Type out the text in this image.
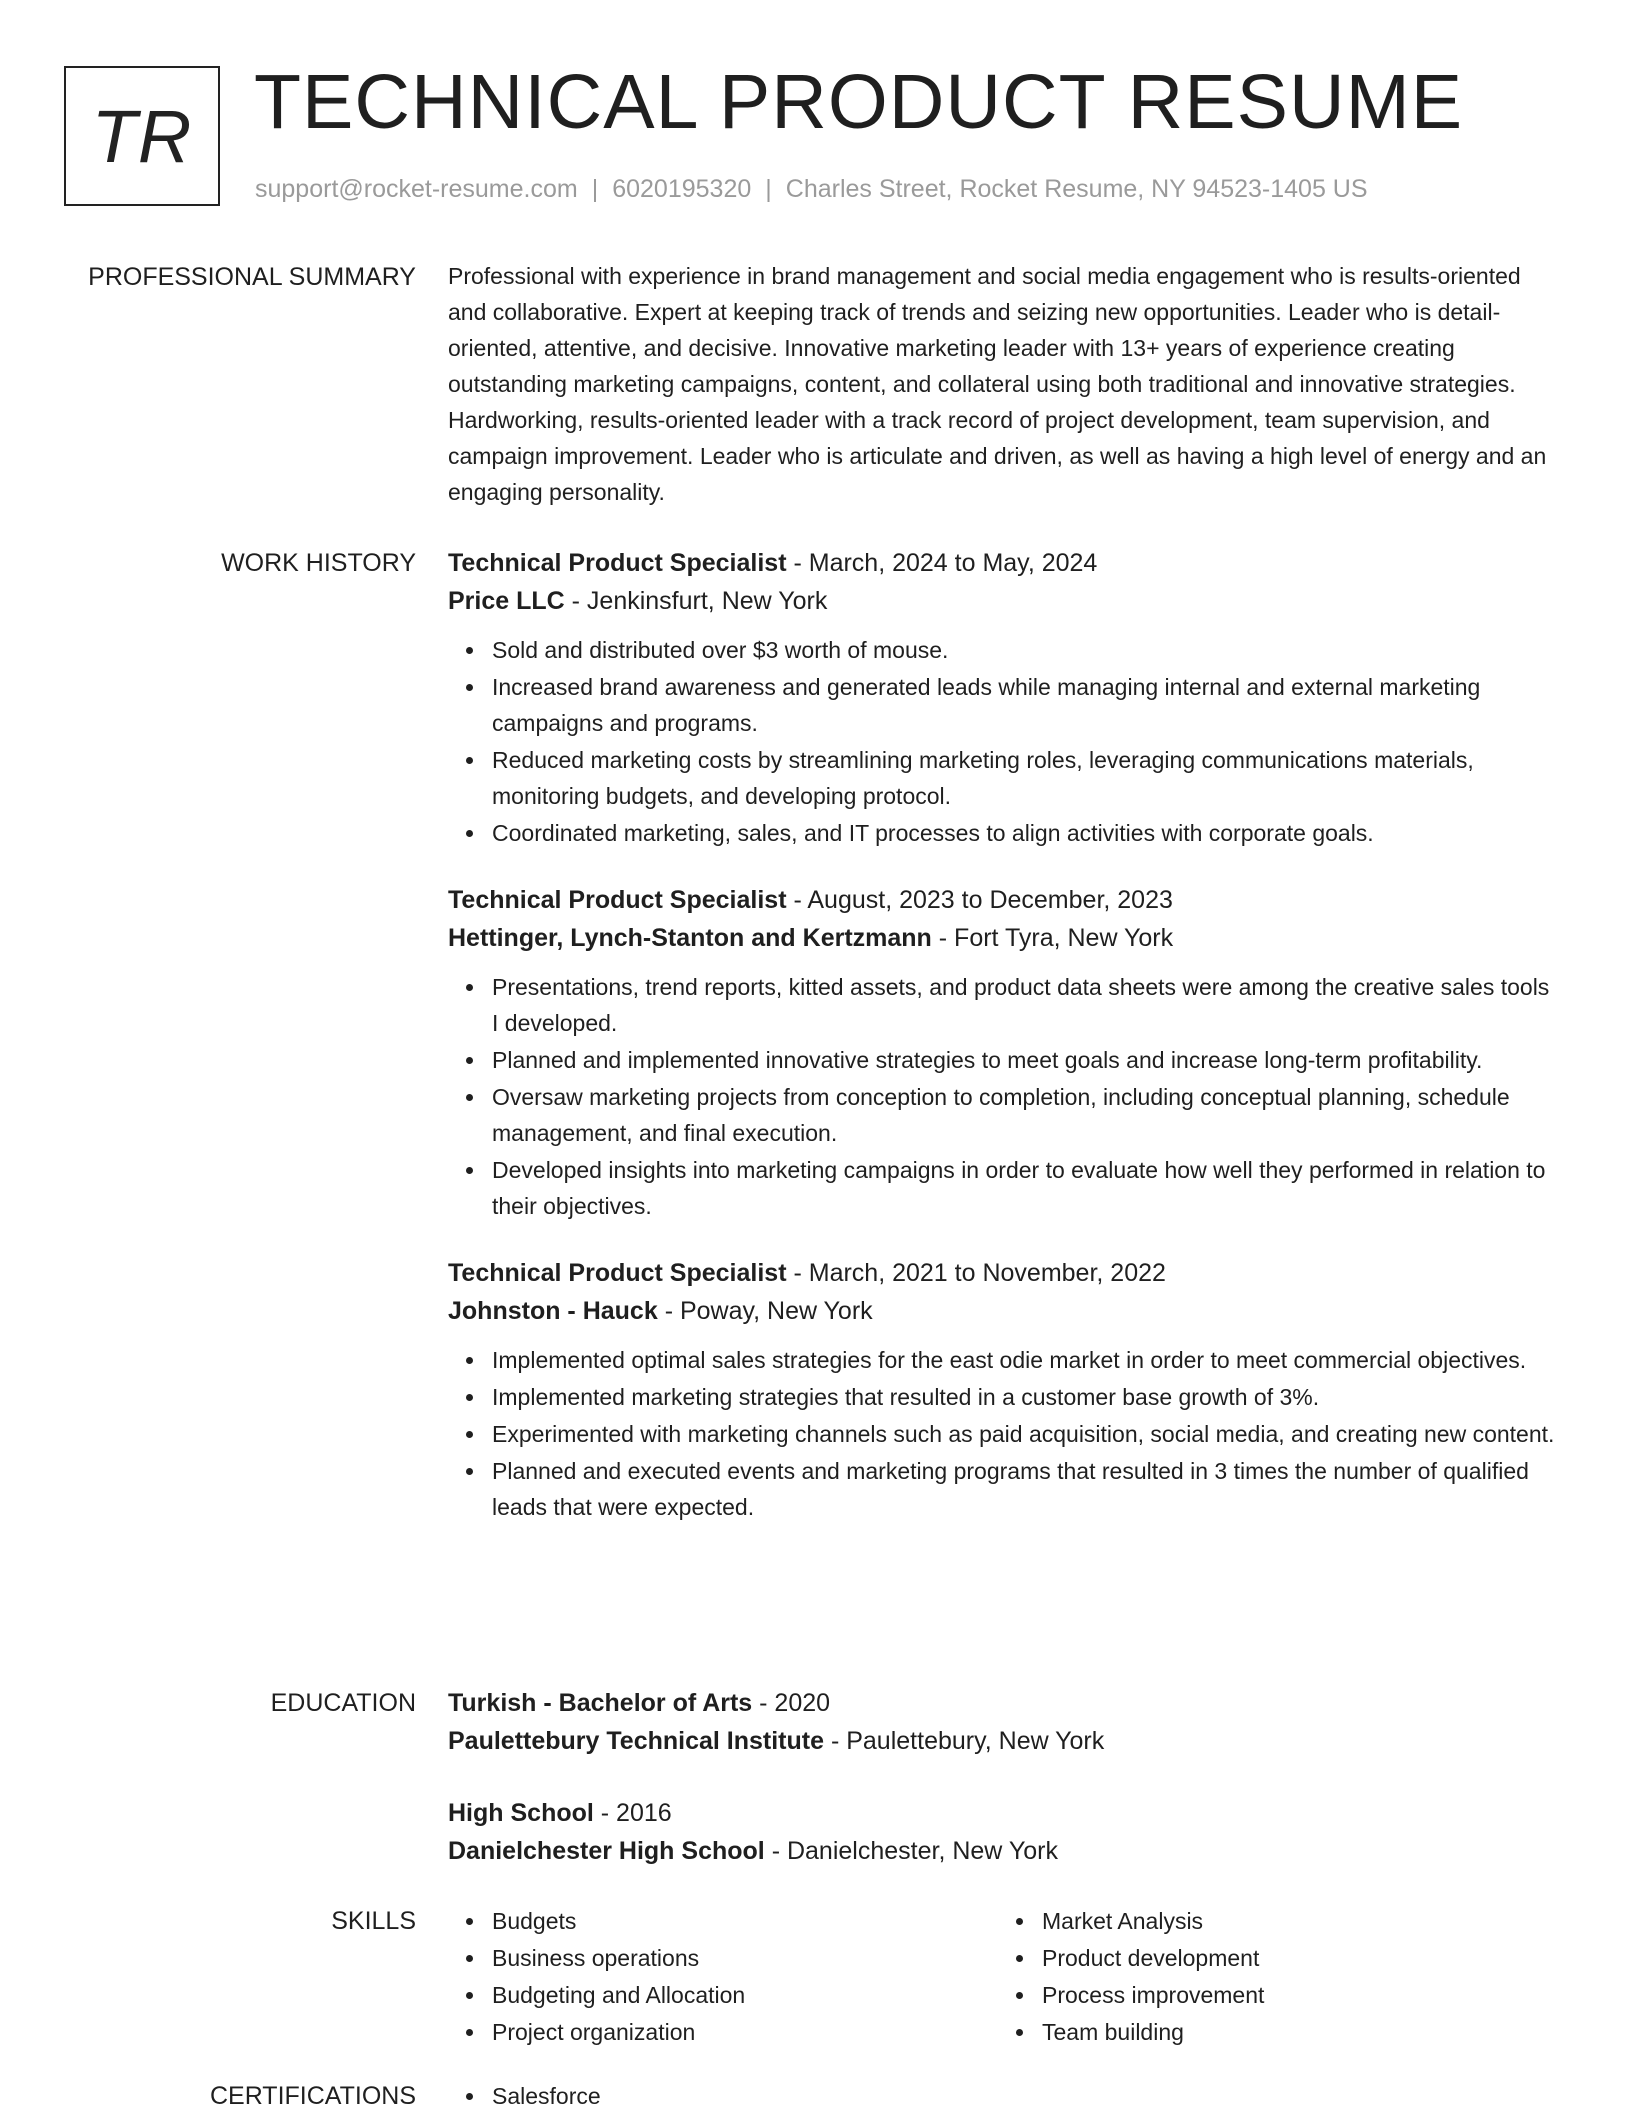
TR TECHNICAL PRODUCT RESUME
support@rocket-resume.com | 6020195320 | Charles Street, Rocket Resume, NY 94523-1405 US
PROFESSIONAL SUMMARY Professional with experience in brand management and social media engagement who is results-oriented and collaborative. Expert at keeping track of trends and seizing new opportunities. Leader who is detail-oriented, attentive, and decisive. Innovative marketing leader with 13+ years of experience creating outstanding marketing campaigns, content, and collateral using both traditional and innovative strategies. Hardworking, results-oriented leader with a track record of project development, team supervision, and campaign improvement. Leader who is articulate and driven, as well as having a high level of energy and an engaging personality.

WORK HISTORY Technical Product Specialist - March, 2024 to May, 2024
Price LLC - Jenkinsfurt, New York
Sold and distributed over $3 worth of mouse.
Increased brand awareness and generated leads while managing internal and external marketing campaigns and programs.
Reduced marketing costs by streamlining marketing roles, leveraging communications materials, monitoring budgets, and developing protocol.
Coordinated marketing, sales, and IT processes to align activities with corporate goals.
Technical Product Specialist - August, 2023 to December, 2023
Hettinger, Lynch-Stanton and Kertzmann - Fort Tyra, New York
Presentations, trend reports, kitted assets, and product data sheets were among the creative sales tools I developed.
Planned and implemented innovative strategies to meet goals and increase long-term profitability.
Oversaw marketing projects from conception to completion, including conceptual planning, schedule management, and final execution.
Developed insights into marketing campaigns in order to evaluate how well they performed in relation to their objectives.
Technical Product Specialist - March, 2021 to November, 2022
Johnston - Hauck - Poway, New York
Implemented optimal sales strategies for the east odie market in order to meet commercial objectives.
Implemented marketing strategies that resulted in a customer base growth of 3%.
Experimented with marketing channels such as paid acquisition, social media, and creating new content.
Planned and executed events and marketing programs that resulted in 3 times the number of qualified leads that were expected.
EDUCATION Turkish - Bachelor of Arts - 2020
Paulettebury Technical Institute - Paulettebury, New York
High School - 2016
Danielchester High School - Danielchester, New York
SKILLS	Budgets
Business operations
Budgeting and Allocation
Project organization
Market Analysis
Product development
Process improvement
Team building
CERTIFICATIONS	Salesforce
